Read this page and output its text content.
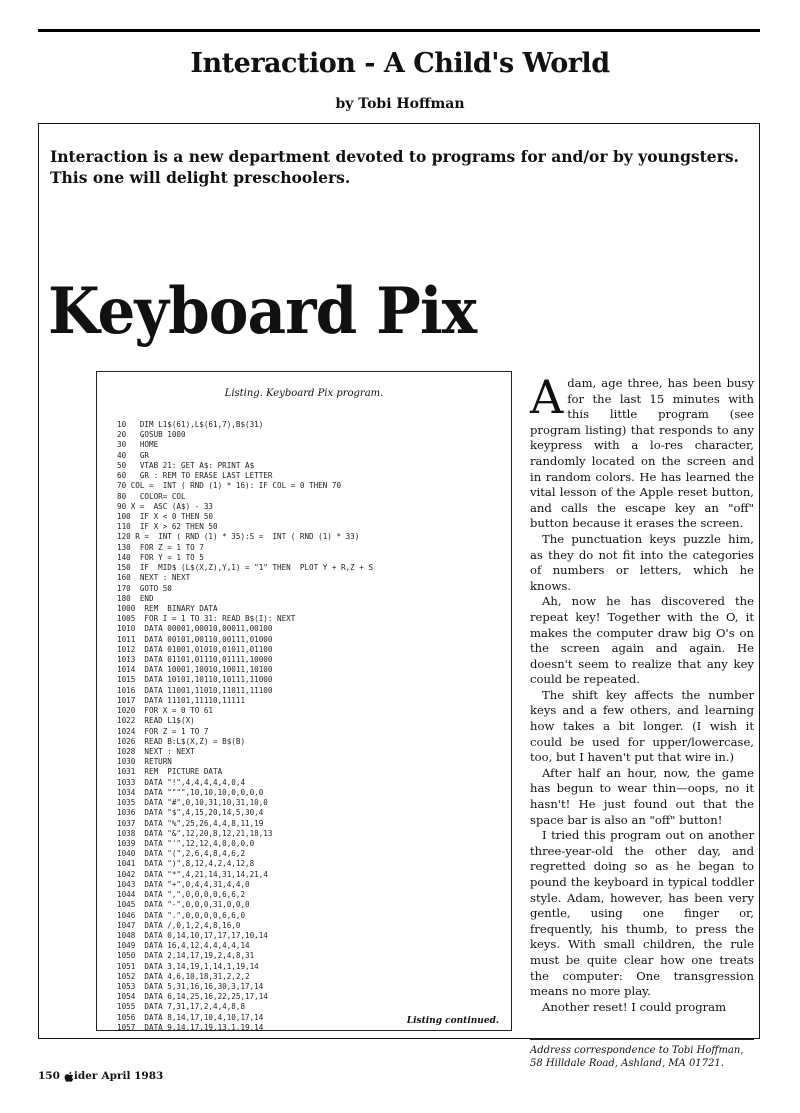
Interaction - A Child's World
by Tobi Hoffman
Interaction is a new department devoted to programs for and/or by youngsters.
This one will delight preschoolers.
Keyboard Pix
Listing. Keyboard Pix program.
10   DIM L1$(61),L$(61,7),B$(31)
20   GOSUB 1000
30   HOME
40   GR
50   VTAB 21: GET A$: PRINT A$
60   GR : REM TO ERASE LAST LETTER
70 COL =  INT ( RND (1) * 16): IF COL = 0 THEN 70
80   COLOR= COL
90 X =  ASC (A$) - 33
100  IF X < 0 THEN 50
110  IF X > 62 THEN 50
120 R =  INT ( RND (1) * 35):S =  INT ( RND (1) * 33)
130  FOR Z = 1 TO 7
140  FOR Y = 1 TO 5
150  IF  MID$ (L$(X,Z),Y,1) = "1" THEN  PLOT Y + R,Z + S
160  NEXT : NEXT
170  GOTO 50
180  END
1000  REM  BINARY DATA
1005  FOR I = 1 TO 31: READ B$(I): NEXT
1010  DATA 00001,00010,00011,00100
1011  DATA 00101,00110,00111,01000
1012  DATA 01001,01010,01011,01100
1013  DATA 01101,01110,01111,10000
1014  DATA 10001,10010,10011,10100
1015  DATA 10101,10110,10111,11000
1016  DATA 11001,11010,11011,11100
1017  DATA 11101,11110,11111
1020  FOR X = 0 TO 61
1022  READ L1$(X)
1024  FOR Z = 1 TO 7
1026  READ B:L$(X,Z) = B$(B)
1028  NEXT : NEXT
1030  RETURN
1031  REM  PICTURE DATA
1033  DATA "!",4,4,4,4,4,0,4
1034  DATA """",10,10,10,0,0,0,0
1035  DATA "#",0,10,31,10,31,10,0
1036  DATA "$",4,15,20,14,5,30,4
1037  DATA "%",25,26,4,4,8,11,19
1038  DATA "&",12,20,8,12,21,18,13
1039  DATA "'",12,12,4,0,0,0,0
1040  DATA "(",2,6,4,8,4,6,2
1041  DATA ")",8,12,4,2,4,12,8
1042  DATA "*",4,21,14,31,14,21,4
1043  DATA "+",0,4,4,31,4,4,0
1044  DATA ",",0,0,0,0,6,6,2
1045  DATA "-",0,0,0,31,0,0,0
1046  DATA ".",0,0,0,0,6,6,0
1047  DATA /,0,1,2,4,8,16,0
1048  DATA 0,14,10,17,17,17,10,14
1049  DATA 16,4,12,4,4,4,4,14
1050  DATA 2,14,17,19,2,4,8,31
1051  DATA 3,14,19,1,14,1,19,14
1052  DATA 4,6,10,18,31,2,2,2
1053  DATA 5,31,16,16,30,3,17,14
1054  DATA 6,14,25,16,22,25,17,14
1055  DATA 7,31,17,2,4,4,8,8
1056  DATA 8,14,17,10,4,10,17,14
1057  DATA 9,14,17,19,13,1,19,14
Listing continued.

Adam, age three, has been busy for the last 15 minutes with this little program (see program listing) that responds to any keypress with a lo-res character, randomly located on the screen and in random colors. He has learned the vital lesson of the Apple reset button, and calls the escape key an "off" button because it erases the screen.

The punctuation keys puzzle him, as they do not fit into the categories of numbers or letters, which he knows.

Ah, now he has discovered the repeat key! Together with the O, it makes the computer draw big O's on the screen again and again. He doesn't seem to realize that any key could be repeated.

The shift key affects the number keys and a few others, and learning how takes a bit longer. (I wish it could be used for upper/lowercase, too, but I haven't put that wire in.)

After half an hour, now, the game has begun to wear thin—oops, no it hasn't! He just found out that the space bar is also an "off" button!

I tried this program out on another three-year-old the other day, and regretted doing so as he began to pound the keyboard in typical toddler style. Adam, however, has been very gentle, using one finger or, frequently, his thumb, to press the keys. With small children, the rule must be quite clear how one treats the computer: One transgression means no more play.

Another reset! I could program

Address correspondence to Tobi Hoffman, 58 Hilldale Road, Ashland, MA 01721.
150 ider April 1983
